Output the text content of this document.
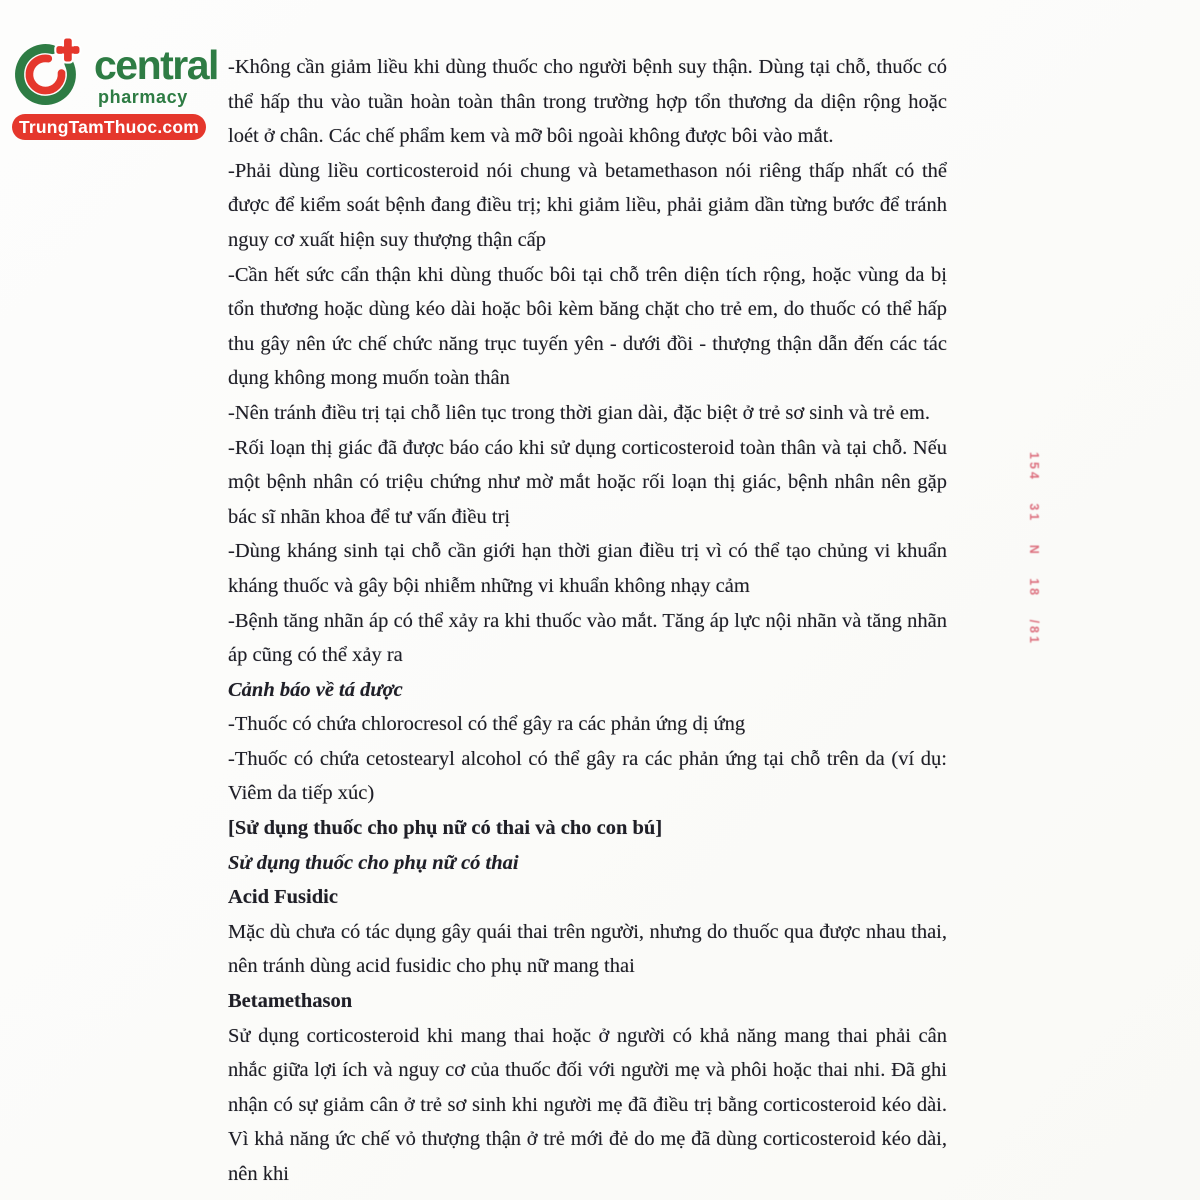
central
pharmacy
TrungTamThuoc.com
154 31 N 18 /81

-Không cần giảm liều khi dùng thuốc cho người bệnh suy thận. Dùng tại chỗ, thuốc có thể hấp thu vào tuần hoàn toàn thân trong trường hợp tổn thương da diện rộng hoặc loét ở chân. Các chế phẩm kem và mỡ bôi ngoài không được bôi vào mắt.

-Phải dùng liều corticosteroid nói chung và betamethason nói riêng thấp nhất có thể được để kiểm soát bệnh đang điều trị; khi giảm liều, phải giảm dần từng bước để tránh nguy cơ xuất hiện suy thượng thận cấp

-Cần hết sức cẩn thận khi dùng thuốc bôi tại chỗ trên diện tích rộng, hoặc vùng da bị tổn thương hoặc dùng kéo dài hoặc bôi kèm băng chặt cho trẻ em, do thuốc có thể hấp thu gây nên ức chế chức năng trục tuyến yên - dưới đồi - thượng thận dẫn đến các tác dụng không mong muốn toàn thân

-Nên tránh điều trị tại chỗ liên tục trong thời gian dài, đặc biệt ở trẻ sơ sinh và trẻ em.

-Rối loạn thị giác đã được báo cáo khi sử dụng corticosteroid toàn thân và tại chỗ. Nếu một bệnh nhân có triệu chứng như mờ mắt hoặc rối loạn thị giác, bệnh nhân nên gặp bác sĩ nhãn khoa để tư vấn điều trị

-Dùng kháng sinh tại chỗ cần giới hạn thời gian điều trị vì có thể tạo chủng vi khuẩn kháng thuốc và gây bội nhiễm những vi khuẩn không nhạy cảm

-Bệnh tăng nhãn áp có thể xảy ra khi thuốc vào mắt. Tăng áp lực nội nhãn và tăng nhãn áp cũng có thể xảy ra

Cảnh báo về tá dược

-Thuốc có chứa chlorocresol có thể gây ra các phản ứng dị ứng

-Thuốc có chứa cetostearyl alcohol có thể gây ra các phản ứng tại chỗ trên da (ví dụ: Viêm da tiếp xúc)

[Sử dụng thuốc cho phụ nữ có thai và cho con bú]

Sử dụng thuốc cho phụ nữ có thai

Acid Fusidic

Mặc dù chưa có tác dụng gây quái thai trên người, nhưng do thuốc qua được nhau thai, nên tránh dùng acid fusidic cho phụ nữ mang thai

Betamethason

Sử dụng corticosteroid khi mang thai hoặc ở người có khả năng mang thai phải cân nhắc giữa lợi ích và nguy cơ của thuốc đối với người mẹ và phôi hoặc thai nhi. Đã ghi nhận có sự giảm cân ở trẻ sơ sinh khi người mẹ đã điều trị bằng corticosteroid kéo dài. Vì khả năng ức chế vỏ thượng thận ở trẻ mới đẻ do mẹ đã dùng corticosteroid kéo dài, nên khi
